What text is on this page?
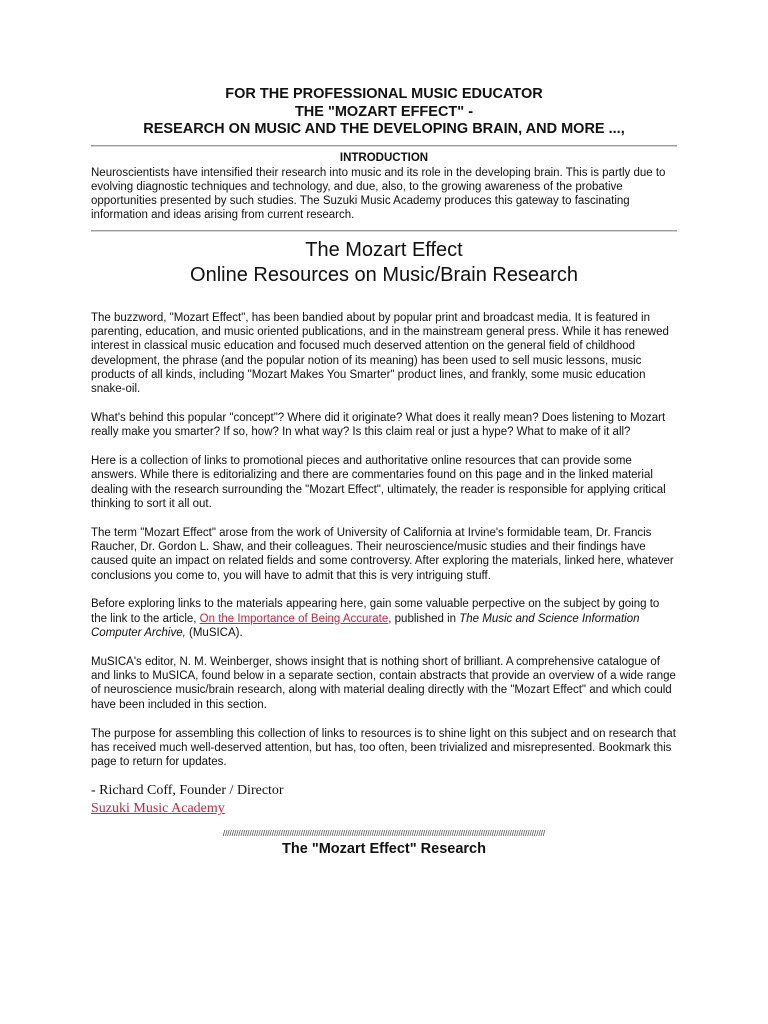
FOR THE PROFESSIONAL MUSIC EDUCATOR

THE "MOZART EFFECT" -

RESEARCH ON MUSIC AND THE DEVELOPING BRAIN, AND MORE ...,

INTRODUCTION

Neuroscientists have intensified their research into music and its role in the developing brain. This is partly due to evolving diagnostic techniques and technology, and due, also, to the growing awareness of the probative opportunities presented by such studies. The Suzuki Music Academy produces this gateway to fascinating information and ideas arising from current research.

The Mozart Effect
Online Resources on Music/Brain Research

The buzzword, "Mozart Effect", has been bandied about by popular print and broadcast media. It is featured in parenting, education, and music oriented publications, and in the mainstream general press. While it has renewed interest in classical music education and focused much deserved attention on the general field of childhood development, the phrase (and the popular notion of its meaning) has been used to sell music lessons, music products of all kinds, including "Mozart Makes You Smarter" product lines, and frankly, some music education snake-oil.

What's behind this popular "concept"? Where did it originate? What does it really mean? Does listening to Mozart really make you smarter? If so, how? In what way? Is this claim real or just a hype? What to make of it all?

Here is a collection of links to promotional pieces and authoritative online resources that can provide some answers. While there is editorializing and there are commentaries found on this page and in the linked material dealing with the research surrounding the "Mozart Effect", ultimately, the reader is responsible for applying critical thinking to sort it all out.

The term "Mozart Effect" arose from the work of University of California at Irvine's formidable team, Dr. Francis Raucher, Dr. Gordon L. Shaw, and their colleagues. Their neuroscience/music studies and their findings have caused quite an impact on related fields and some controversy. After exploring the materials, linked here, whatever conclusions you come to, you will have to admit that this is very intriguing stuff.

Before exploring links to the materials appearing here, gain some valuable perpective on the subject by going to the link to the article, On the Importance of Being Accurate, published in The Music and Science Information Computer Archive, (MuSICA).

MuSICA's editor, N. M. Weinberger, shows insight that is nothing short of brilliant. A comprehensive catalogue of and links to MuSICA, found below in a separate section, contain abstracts that provide an overview of a wide range of neuroscience music/brain research, along with material dealing directly with the "Mozart Effect" and which could have been included in this section.

The purpose for assembling this collection of links to resources is to shine light on this subject and on research that has received much well-deserved attention, but has, too often, been trivialized and misrepresented. Bookmark this page to return for updates.

- Richard Coff, Founder / Director

Suzuki Music Academy

/////////////////////////////////////////////////////////////////////////////////////////////////////////////////////////////////////////////////

The "Mozart Effect" Research
